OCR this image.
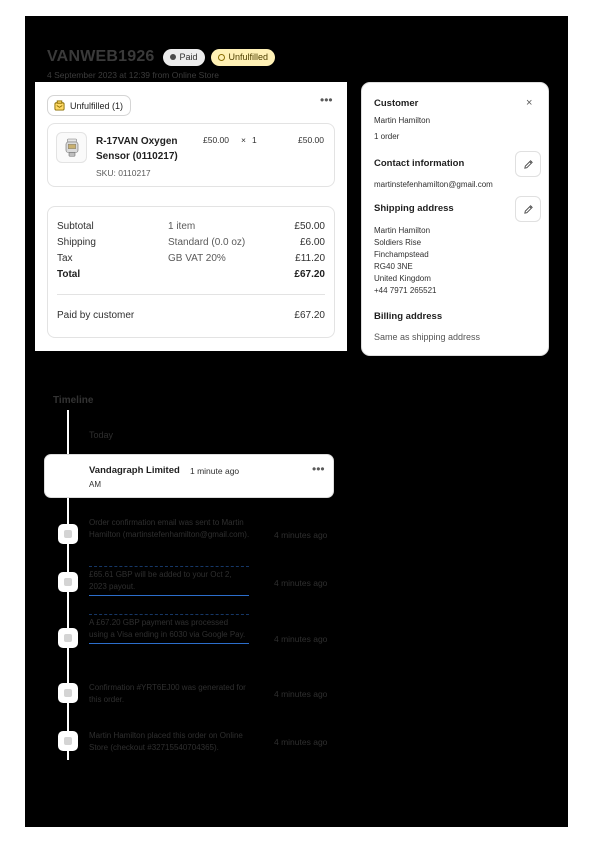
VANWEB1926	Paid	Unfulfilled
4 September 2023 at 12:39 from Online Store
Unfulfilled (1)	•••
R-17VAN Oxygen Sensor (0110217)
SKU: 0110217
£50.00 × 1	£50.00
Subtotal	1 item	£50.00
Shipping	Standard (0.0 oz)	£6.00
Tax	GB VAT 20%	£11.20
Total	£67.20
Paid by customer	£67.20
Customer	×
Martin Hamilton
1 order
Contact information
martinstefenhamilton@gmail.com
Shipping address
Martin Hamilton
Soldiers Rise
Finchampstead
RG40 3NE
United Kingdom
+44 7971 265521
Billing address
Same as shipping address
Timeline
Today
Vandagraph Limited 1 minute ago
AM
•••
Order confirmation email was sent to Martin Hamilton (martinstefenhamilton@gmail.com).	4 minutes ago
£65.61 GBP will be added to your Oct 2, 2023 payout.	4 minutes ago
A £67.20 GBP payment was processed using a Visa ending in 6030 via Google Pay.	4 minutes ago
Confirmation #YRT6EJ00 was generated for this order.
4 minutes ago
Martin Hamilton placed this order on Online Store (checkout #32715540704365).
4 minutes ago
